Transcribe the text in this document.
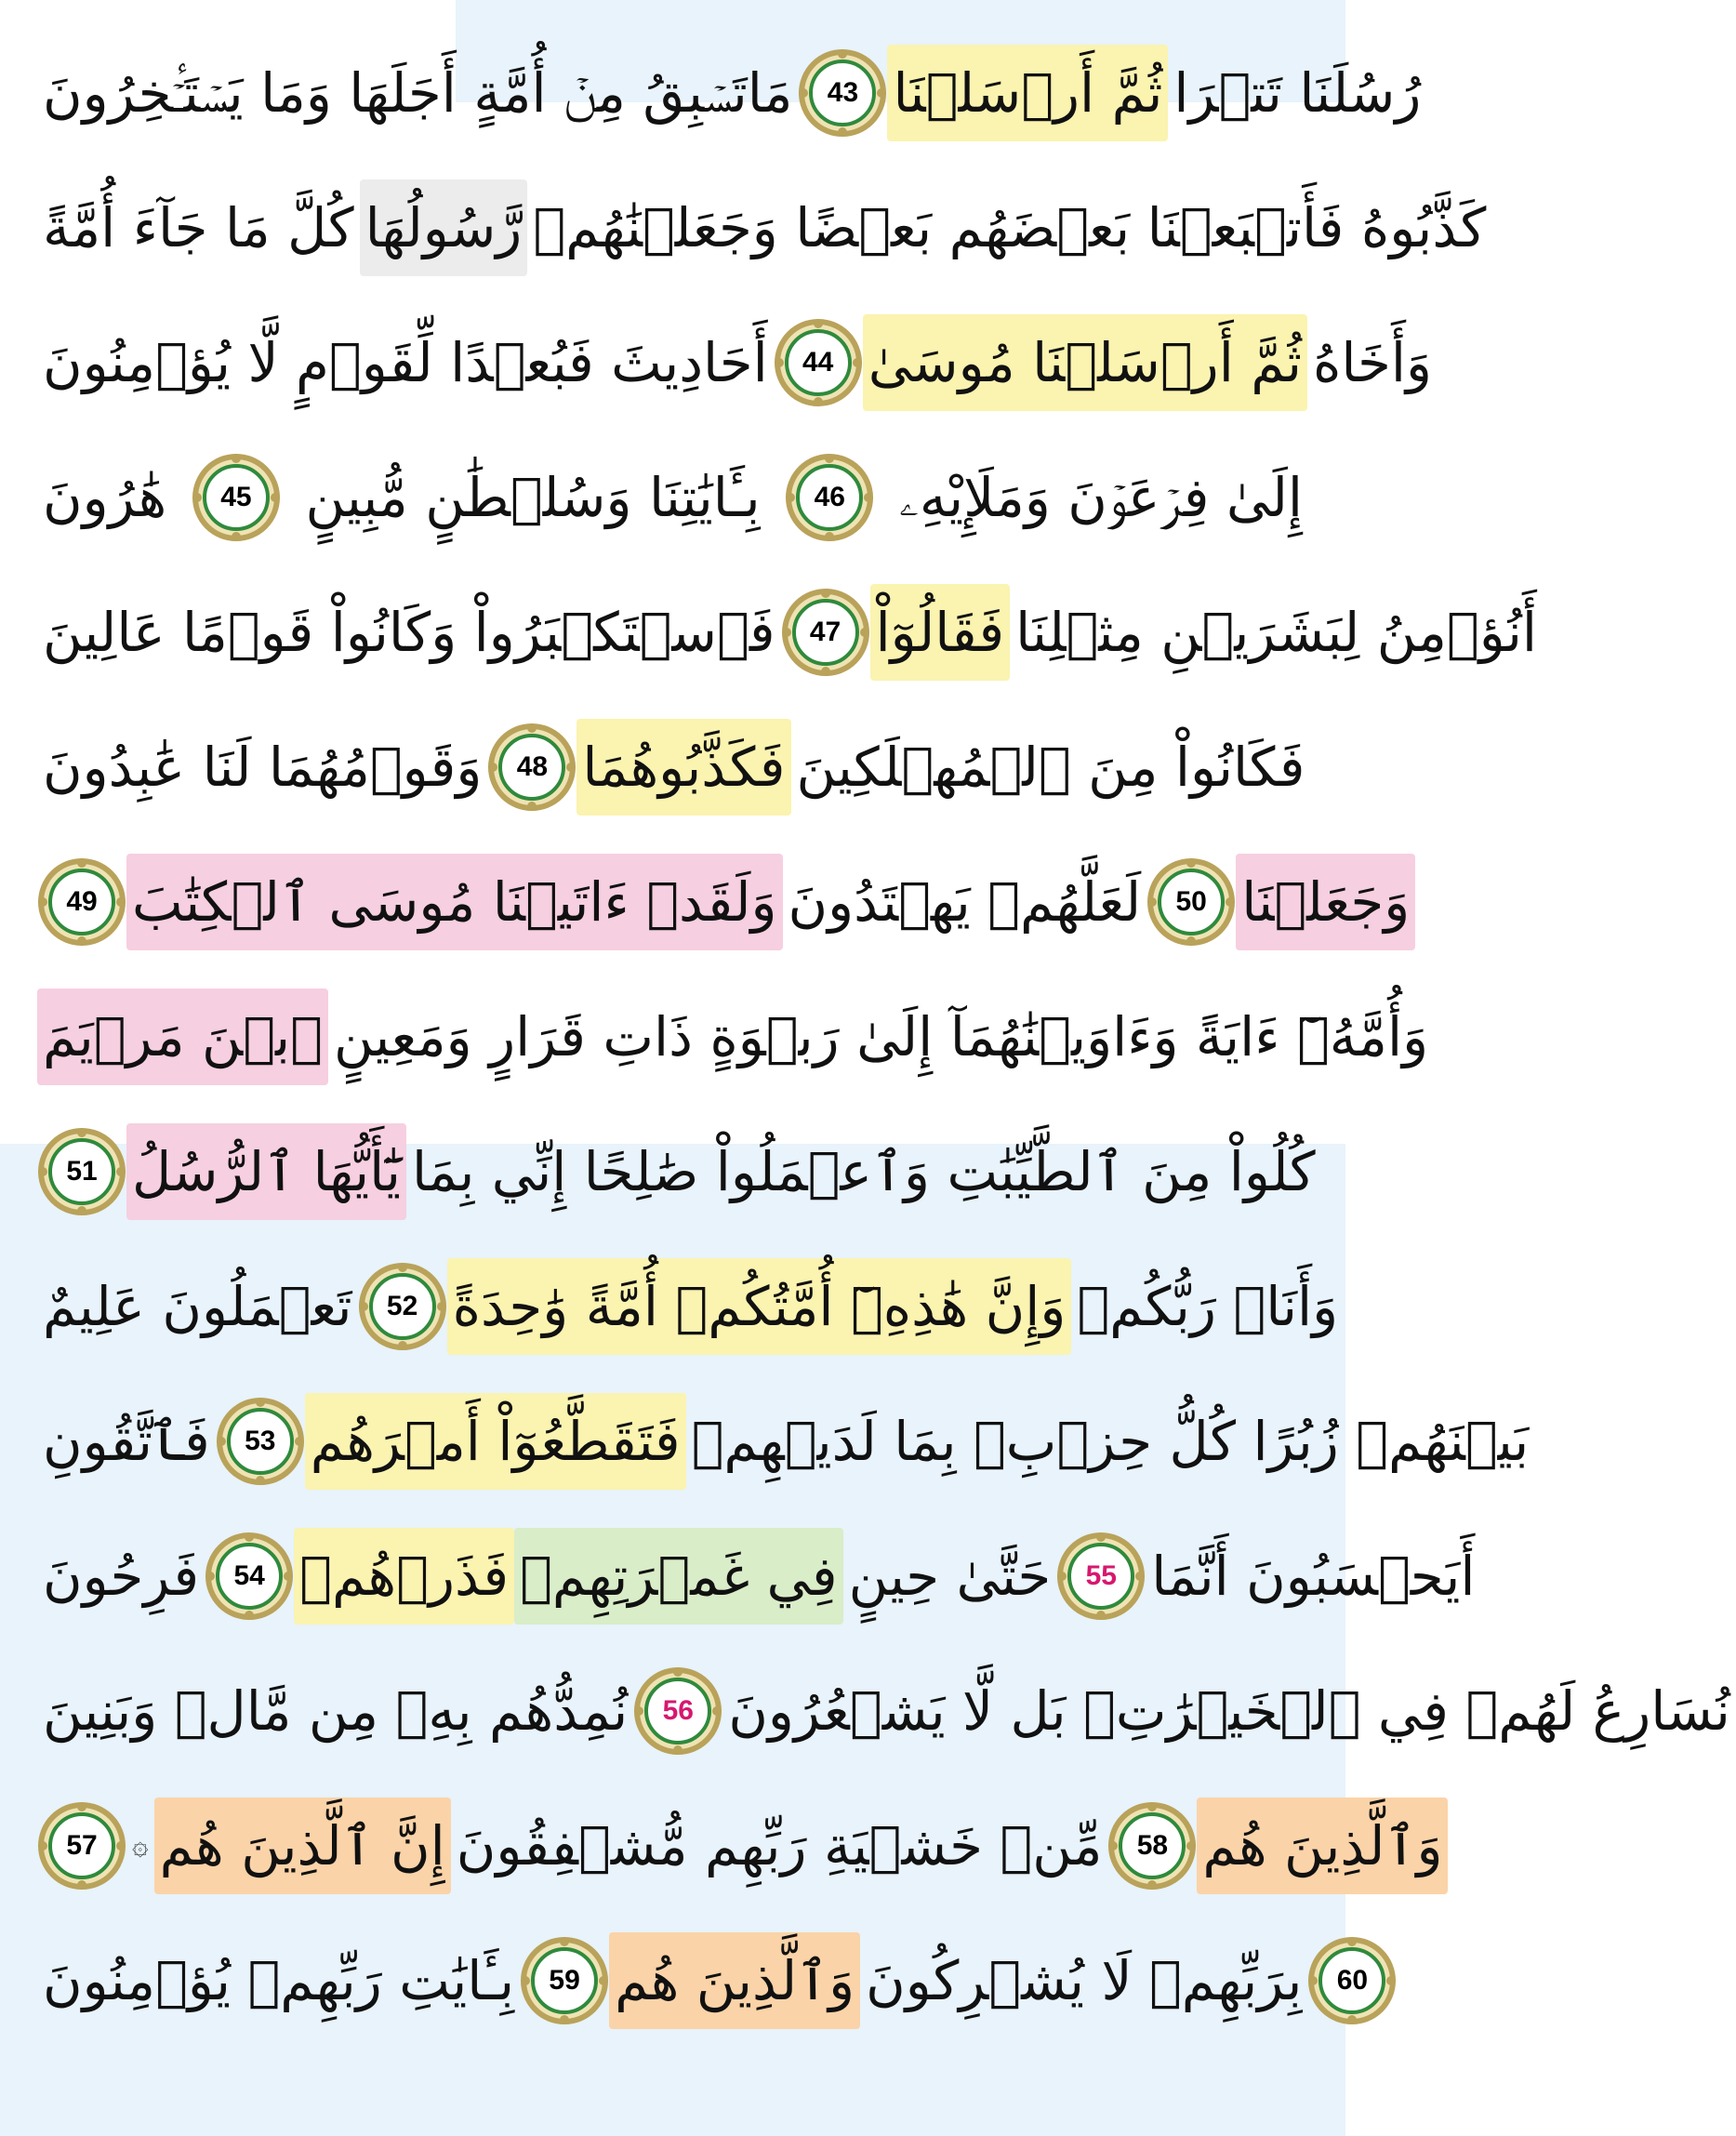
مَاتَسۡبِقُ مِنۡ أُمَّةٍ أَجَلَهَا وَمَا يَسۡتَـٔۡخِرُونَ 43 ثُمَّ أَرۡسَلۡنَا رُسُلَنَا تَتۡرَا
كُلَّ مَا جَآءَ أُمَّةً رَّسُولُهَا كَذَّبُوهُ فَأَتۡبَعۡنَا بَعۡضَهُم بَعۡضًا وَجَعَلۡنَٰهُمۡ
أَحَادِيثَ فَبُعۡدًا لِّقَوۡمٍ لَّا يُؤۡمِنُونَ 44 ثُمَّ أَرۡسَلۡنَا مُوسَىٰ وَأَخَاهُ
هَٰرُونَ 45 بِـَٔايَٰتِنَا وَسُلۡطَٰنٍ مُّبِينٍ 46 إِلَىٰ فِرۡعَوۡنَ وَمَلَإِيْهِۦ
فَٱسۡتَكۡبَرُواْ وَكَانُواْ قَوۡمًا عَالِينَ 47 فَقَالُوٓاْ أَنُؤۡمِنُ لِبَشَرَيۡنِ مِثۡلِنَا
وَقَوۡمُهُمَا لَنَا عَٰبِدُونَ 48 فَكَذَّبُوهُمَا فَكَانُواْ مِنَ ٱلۡمُهۡلَكِينَ
49 وَلَقَدۡ ءَاتَيۡنَا مُوسَى ٱلۡكِتَٰبَ لَعَلَّهُمۡ يَهۡتَدُونَ 50 وَجَعَلۡنَا
ٱبۡنَ مَرۡيَمَ وَأُمَّهُۥٓ ءَايَةً وَءَاوَيۡنَٰهُمَآ إِلَىٰ رَبۡوَةٍ ذَاتِ قَرَارٍ وَمَعِينٍ
51 يَٰٓأَيُّهَا ٱلرُّسُلُ كُلُواْ مِنَ ٱلطَّيِّبَٰتِ وَٱعۡمَلُواْ صَٰلِحًا إِنِّي بِمَا
تَعۡمَلُونَ عَلِيمٌ 52 وَإِنَّ هَٰذِهِۦٓ أُمَّتُكُمۡ أُمَّةً وَٰحِدَةً وَأَنَا۠ رَبُّكُمۡ
فَٱتَّقُونِ 53 فَتَقَطَّعُوٓاْ أَمۡرَهُم بَيۡنَهُمۡ زُبُرًا كُلُّ حِزۡبِۭ بِمَا لَدَيۡهِمۡ
فَرِحُونَ 54 فَذَرۡهُمۡ فِي غَمۡرَتِهِمۡ حَتَّىٰ حِينٍ 55 أَيَحۡسَبُونَ أَنَّمَا
نُمِدُّهُم بِهِۦ مِن مَّالٖ وَبَنِينَ 56 نُسَارِعُ لَهُمۡ فِي ٱلۡخَيۡرَٰتِۚ بَل لَّا يَشۡعُرُونَ
57 ۞ إِنَّ ٱلَّذِينَ هُم مِّنۡ خَشۡيَةِ رَبِّهِم مُّشۡفِقُونَ 58 وَٱلَّذِينَ هُم
بِـَٔايَٰتِ رَبِّهِمۡ يُؤۡمِنُونَ 59 وَٱلَّذِينَ هُم بِرَبِّهِمۡ لَا يُشۡرِكُونَ 60
